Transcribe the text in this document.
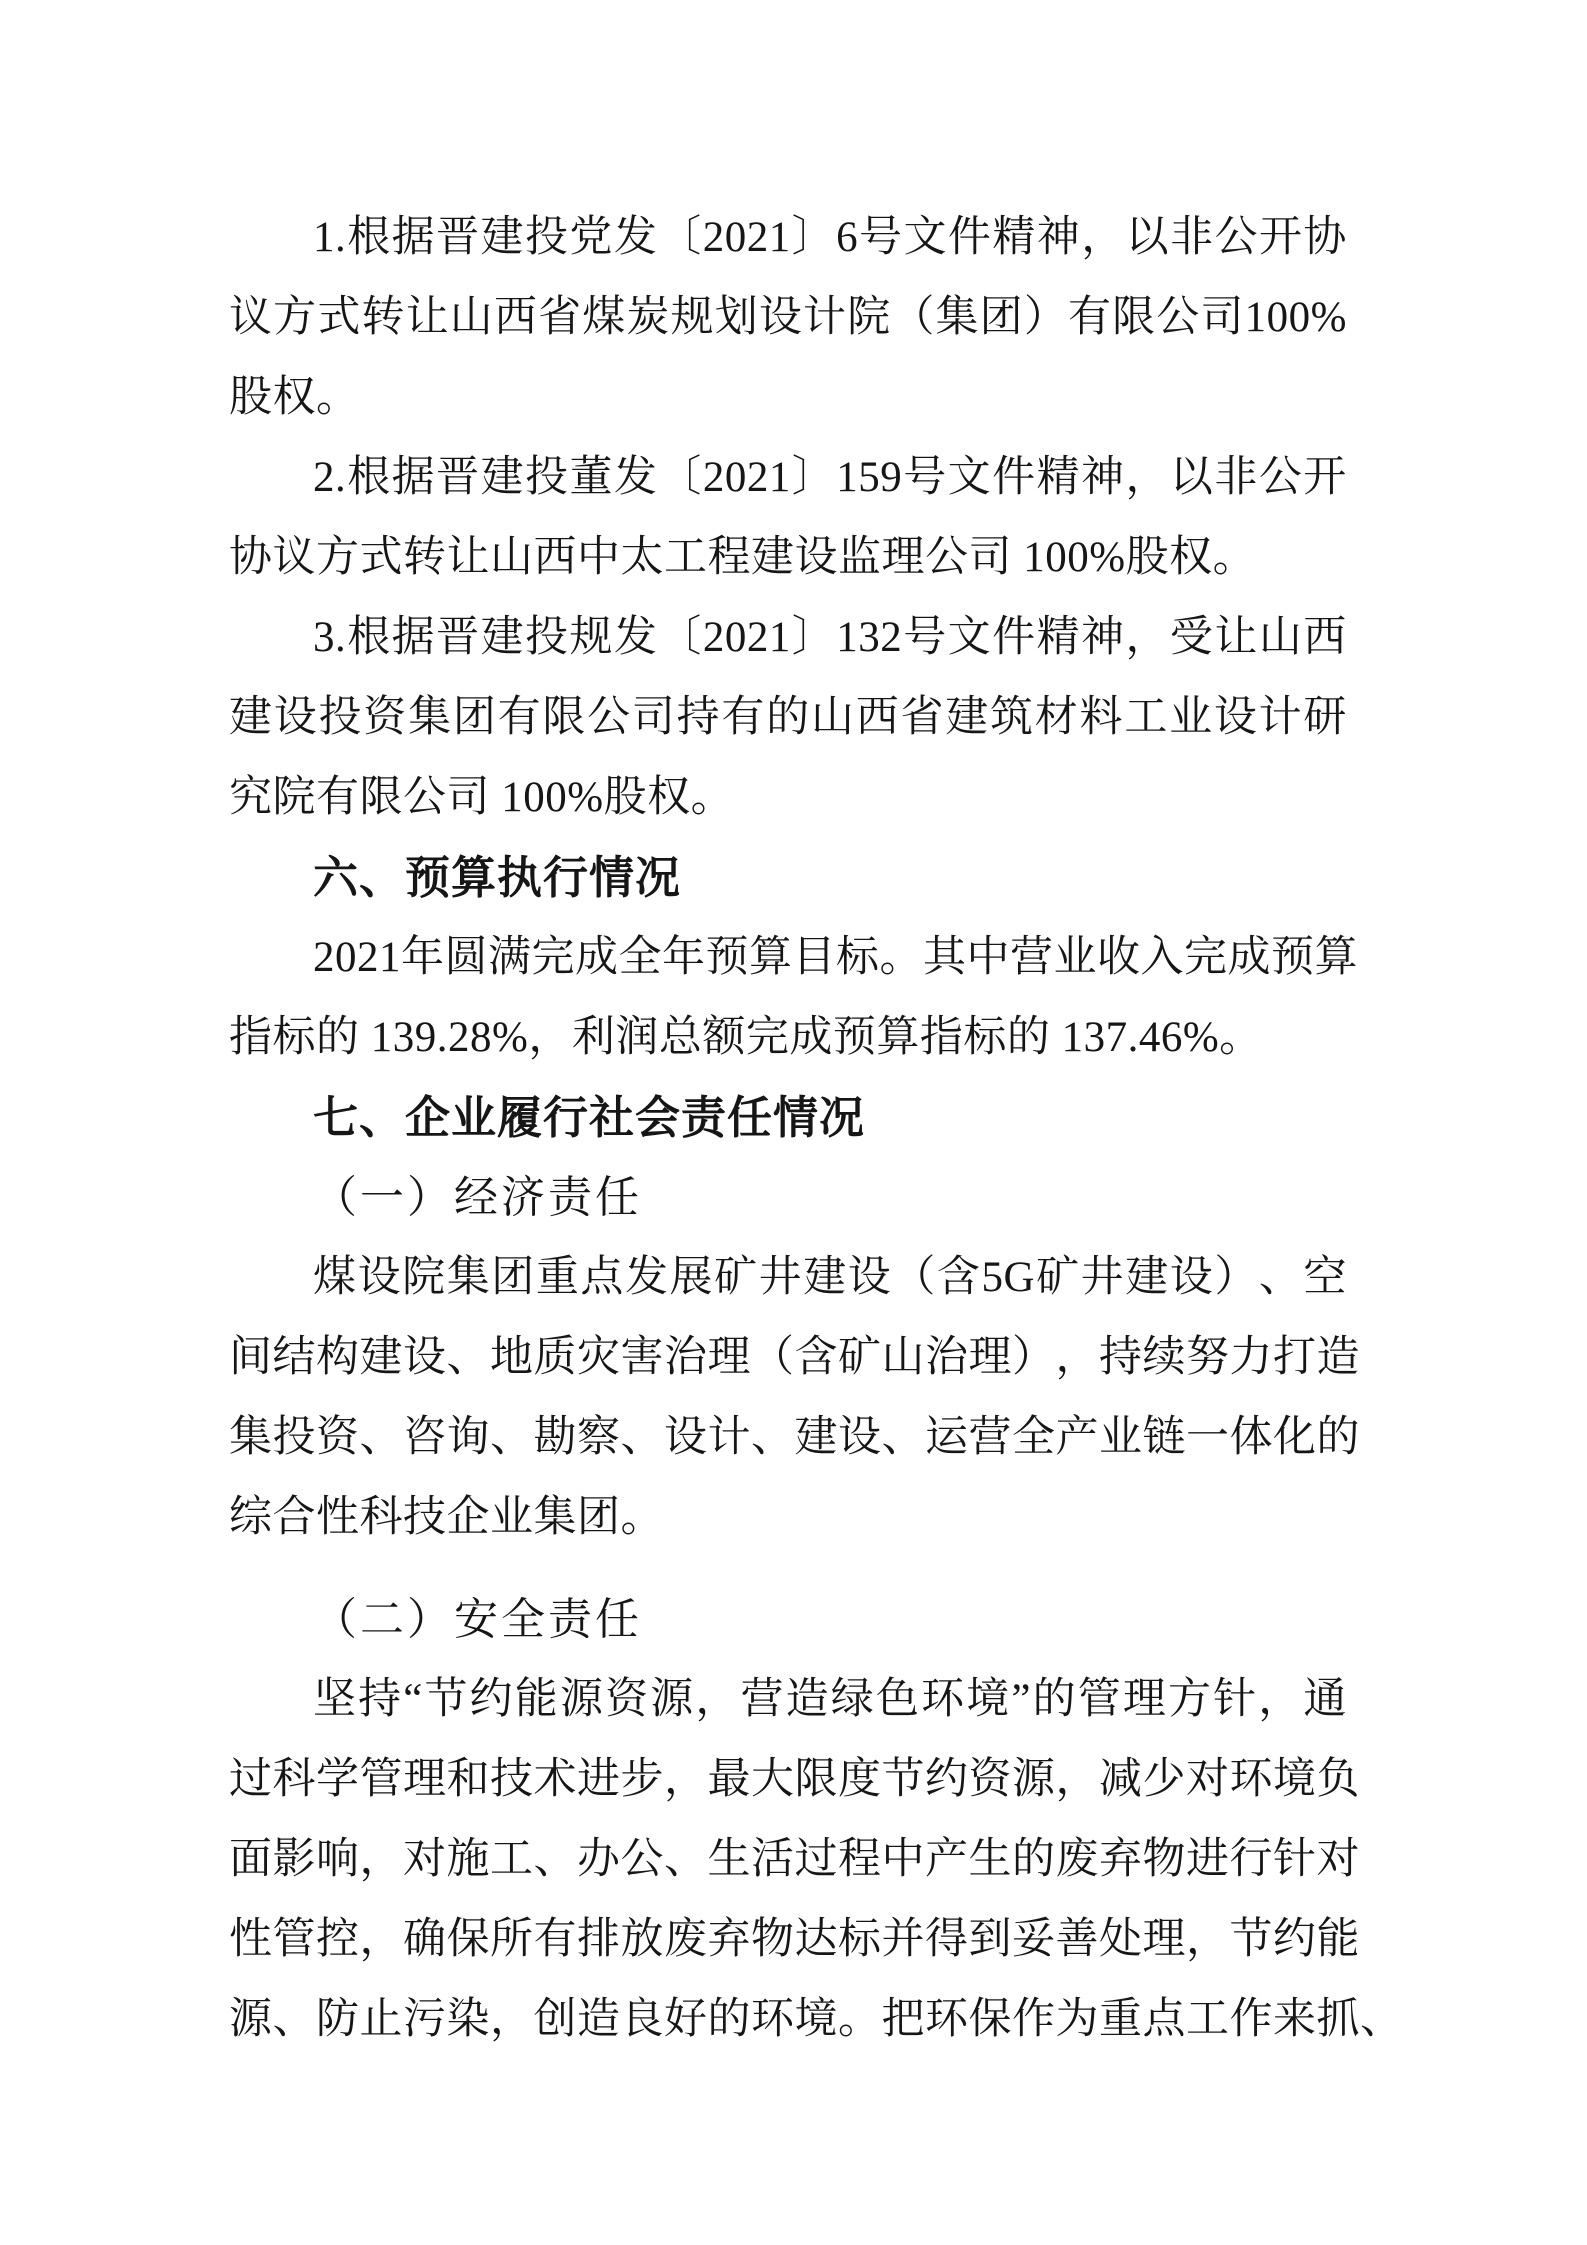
1. 根 据 晋 建 投 党 发 〔 2021 〕 6 号 文 件 精 神 ， 以 非 公 开 协
议 方 式 转 让 山 西 省 煤 炭 规 划 设 计 院 （ 集 团 ） 有 限 公 司 100%
股权。
2. 根 据 晋 建 投 董 发 〔 2021 〕 159 号 文 件 精 神 ， 以 非 公 开
协议方式转让山西中太工程建设监理公司 100%股权。
3. 根 据 晋 建 投 规 发 〔 2021 〕 132 号 文 件 精 神 ， 受 让 山 西
建 设 投 资 集 团 有 限 公 司 持 有 的 山 西 省 建 筑 材 料 工 业 设 计 研
究院有限公司 100%股权。
六、预算执行情况
2021 年 圆 满 完 成 全 年 预 算 目 标 。 其 中 营 业 收 入 完 成 预 算
指标的 139.28%，利润总额完成预算指标的 137.46%。
七、企业履行社会责任情况
（一）经济责任
煤 设 院 集 团 重 点 发 展 矿 井 建 设 （ 含 5G 矿 井 建 设 ） 、 空
间 结 构 建 设 、 地 质 灾 害 治 理 （ 含 矿 山 治 理 ） ， 持 续 努 力 打 造
集 投 资 、 咨 询 、 勘 察 、 设 计 、 建 设 、 运 营 全 产 业 链 一 体 化 的
综合性科技企业集团。
（二）安全责任
坚 持 “ 节 约 能 源 资 源 ， 营 造 绿 色 环 境 ” 的 管 理 方 针 ， 通
过 科 学 管 理 和 技 术 进 步 ， 最 大 限 度 节 约 资 源 ， 减 少 对 环 境 负
面 影 响 ， 对 施 工 、 办 公 、 生 活 过 程 中 产 生 的 废 弃 物 进 行 针 对
性 管 控 ， 确 保 所 有 排 放 废 弃 物 达 标 并 得 到 妥 善 处 理 ， 节 约 能
源 、 防 止 污 染 ， 创 造 良 好 的 环 境 。 把 环 保 作 为 重 点 工 作 来 抓 、
